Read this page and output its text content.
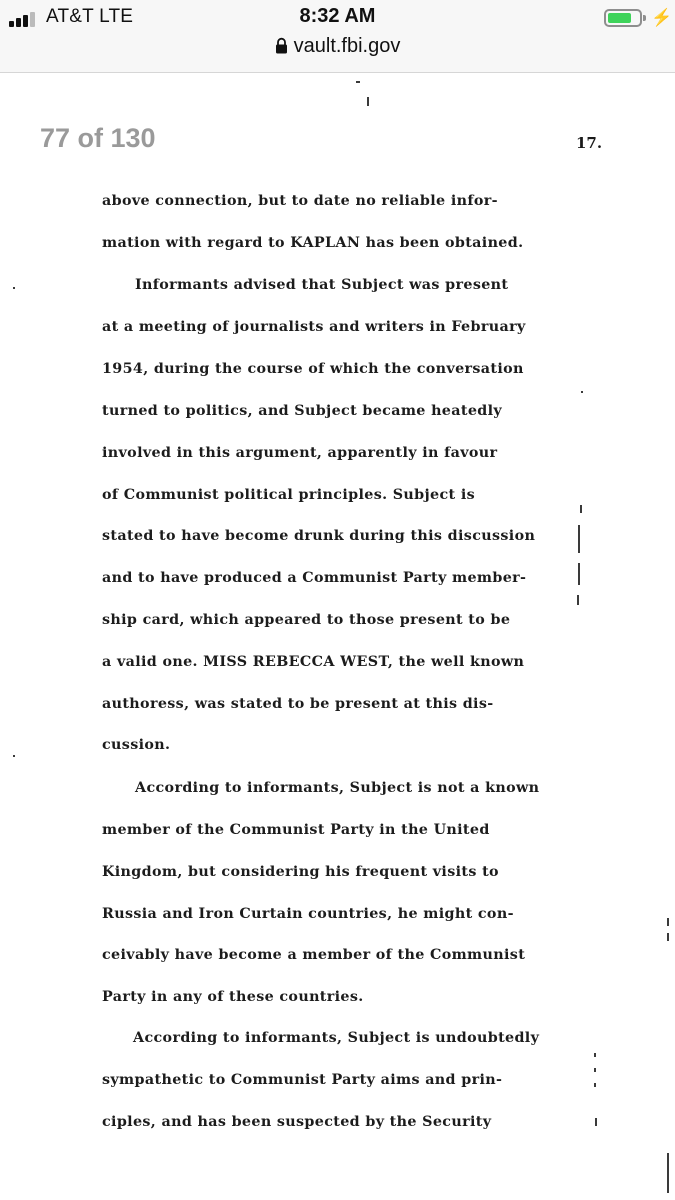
AT&T LTE	8:32 AM
vault.fbi.gov
⚡
77 of 130	17.
above connection, but to date no reliable infor-
mation with regard to KAPLAN has been obtained.
Informants advised that Subject was present
at a meeting of journalists and writers in February
1954, during the course of which the conversation
turned to politics, and Subject became heatedly
involved in this argument, apparently in favour
of Communist political principles. Subject is
stated to have become drunk during this discussion
and to have produced a Communist Party member-
ship card, which appeared to those present to be
a valid one. MISS REBECCA WEST, the well known
authoress, was stated to be present at this dis-
cussion.
According to informants, Subject is not a known
member of the Communist Party in the United
Kingdom, but considering his frequent visits to
Russia and Iron Curtain countries, he might con-
ceivably have become a member of the Communist
Party in any of these countries.
According to informants, Subject is undoubtedly
sympathetic to Communist Party aims and prin-
ciples, and has been suspected by the Security
